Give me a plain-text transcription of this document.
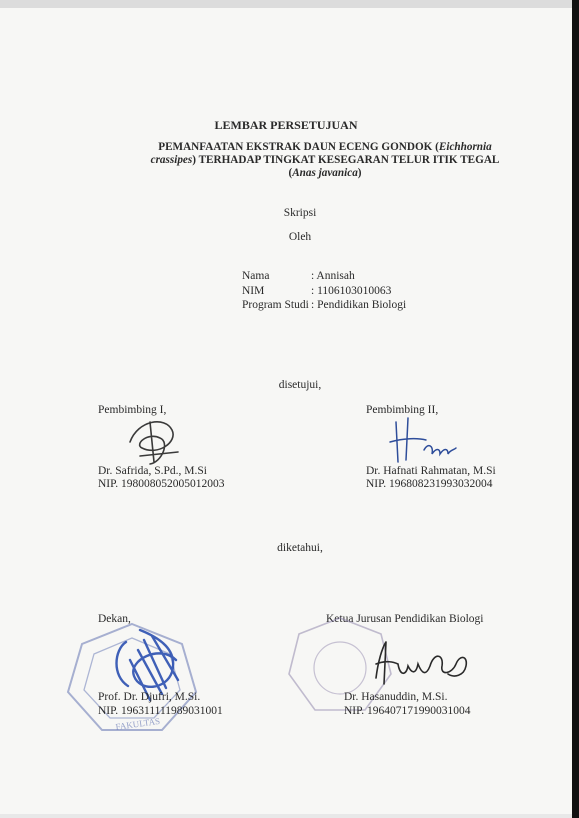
LEMBAR PERSETUJUAN
PEMANFAATAN EKSTRAK DAUN ECENG GONDOK (Eichhornia crassipes) TERHADAP TINGKAT KESEGARAN TELUR ITIK TEGAL (Anas javanica)
Skripsi
Oleh
Nama	: Annisah
NIM	: 1106103010063
Program Studi : Pendidikan Biologi
disetujui,
Pembimbing I,
Dr. Safrida, S.Pd., M.Si
NIP. 198008052005012003
Pembimbing II,
Dr. Hafnati Rahmatan, M.Si
NIP. 196808231993032004
diketahui,
Dekan,
FAKULTAS
Prof. Dr. Djufri, M.Si.
NIP. 196311111989031001
Ketua Jurusan Pendidikan Biologi
Dr. Hasanuddin, M.Si.
NIP. 196407171990031004
